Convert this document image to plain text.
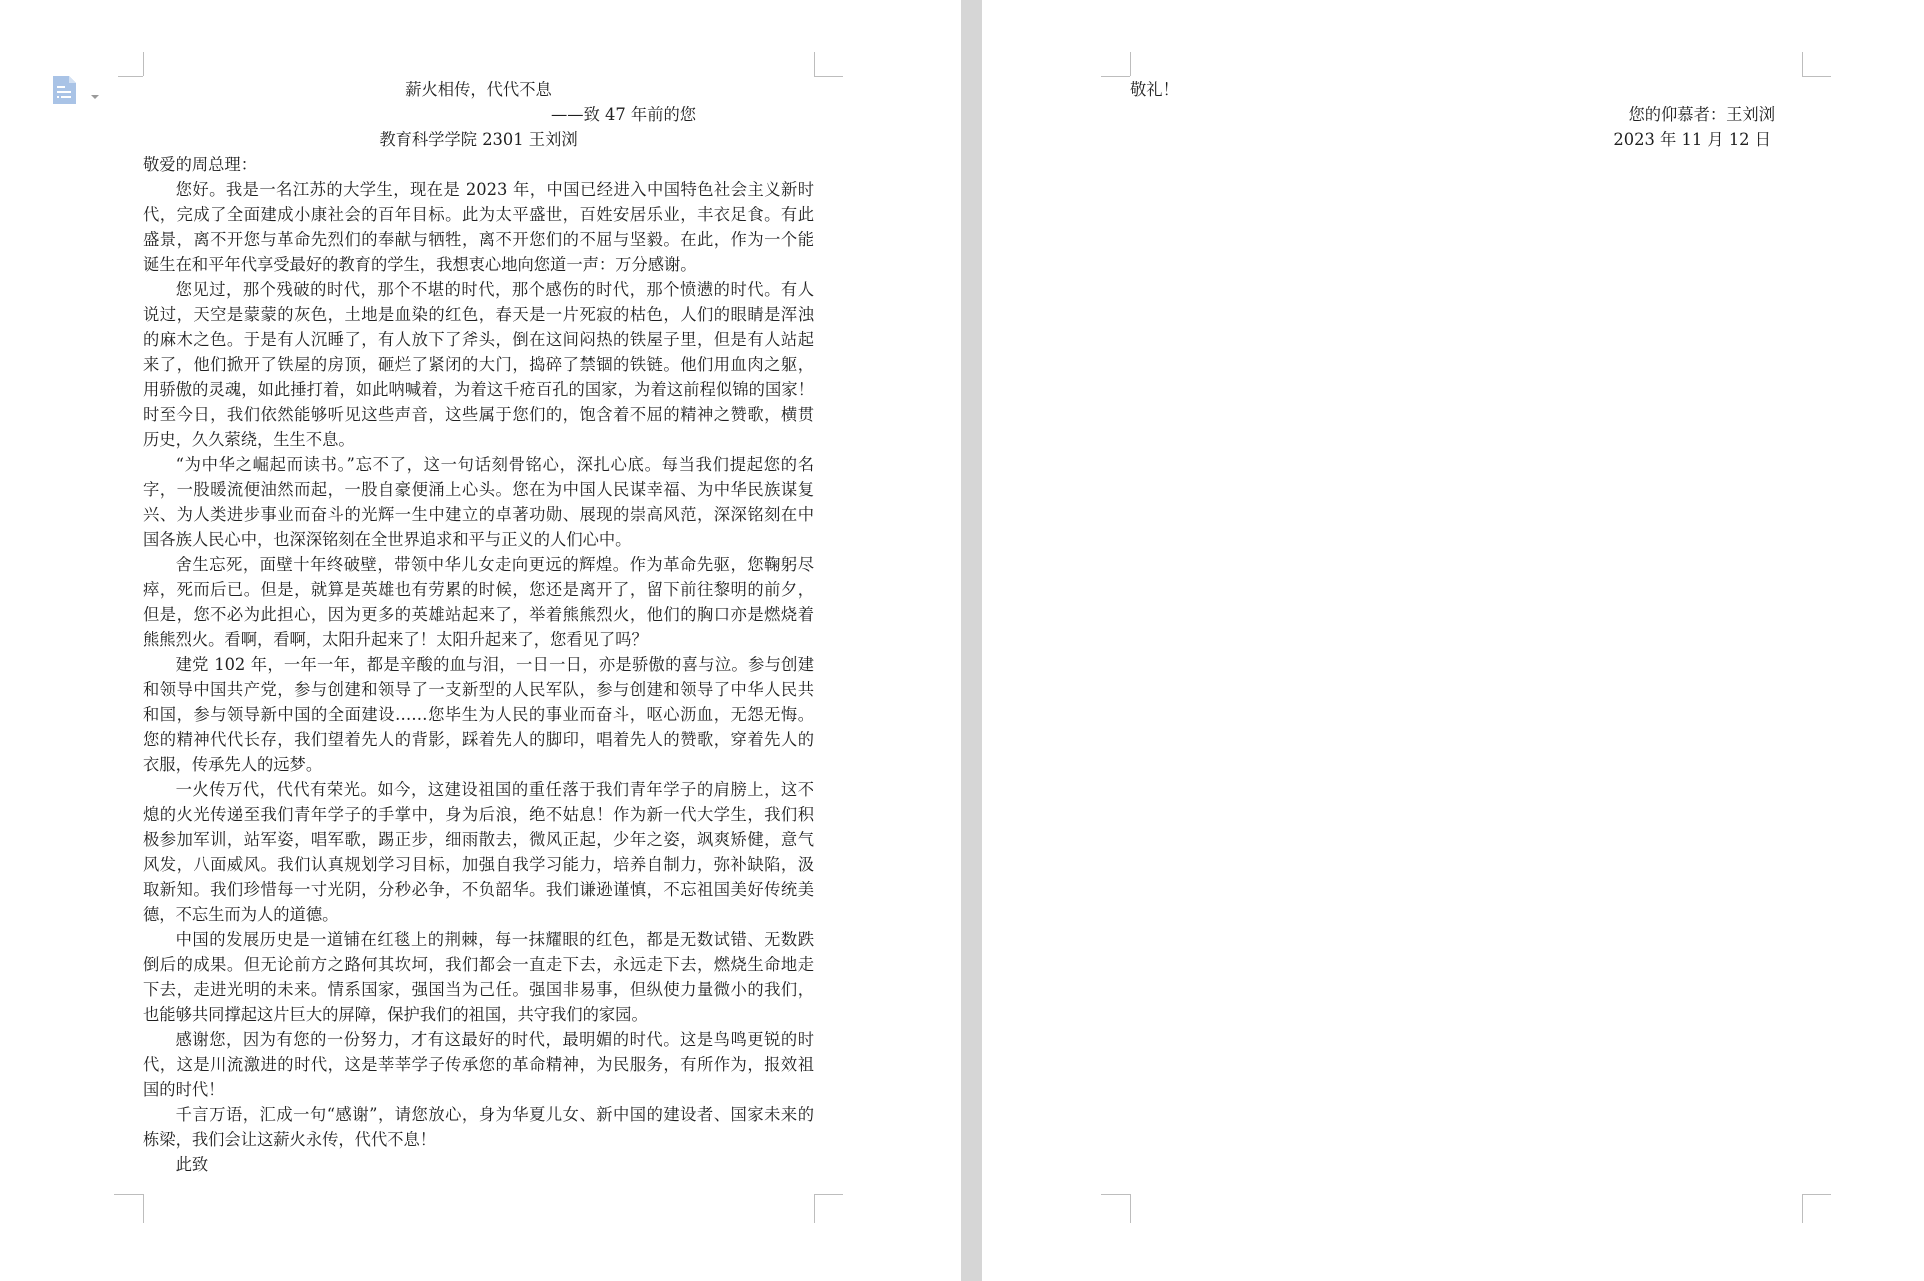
薪火相传，代代不息
——致 47 年前的您
教育科学学院 2301 王刘浏
敬爱的周总理：
您好。我是一名江苏的大学生，现在是 2023 年，中国已经进入中国特色社会主义新时
代，完成了全面建成小康社会的百年目标。此为太平盛世，百姓安居乐业，丰衣足食。有此
盛景，离不开您与革命先烈们的奉献与牺牲，离不开您们的不屈与坚毅。在此，作为一个能
诞生在和平年代享受最好的教育的学生，我想衷心地向您道一声：万分感谢。
您见过，那个残破的时代，那个不堪的时代，那个感伤的时代，那个愤懑的时代。有人
说过，天空是蒙蒙的灰色，土地是血染的红色，春天是一片死寂的枯色，人们的眼睛是浑浊
的麻木之色。于是有人沉睡了，有人放下了斧头，倒在这间闷热的铁屋子里，但是有人站起
来了，他们掀开了铁屋的房顶，砸烂了紧闭的大门，捣碎了禁锢的铁链。他们用血肉之躯，
用骄傲的灵魂，如此捶打着，如此呐喊着，为着这千疮百孔的国家，为着这前程似锦的国家！
时至今日，我们依然能够听见这些声音，这些属于您们的，饱含着不屈的精神之赞歌，横贯
历史，久久萦绕，生生不息。
“为中华之崛起而读书。”忘不了，这一句话刻骨铭心，深扎心底。每当我们提起您的名
字，一股暖流便油然而起，一股自豪便涌上心头。您在为中国人民谋幸福、为中华民族谋复
兴、为人类进步事业而奋斗的光辉一生中建立的卓著功勋、展现的崇高风范，深深铭刻在中
国各族人民心中，也深深铭刻在全世界追求和平与正义的人们心中。
舍生忘死，面壁十年终破壁，带领中华儿女走向更远的辉煌。作为革命先驱，您鞠躬尽
瘁，死而后已。但是，就算是英雄也有劳累的时候，您还是离开了，留下前往黎明的前夕，
但是，您不必为此担心，因为更多的英雄站起来了，举着熊熊烈火，他们的胸口亦是燃烧着
熊熊烈火。看啊，看啊，太阳升起来了！太阳升起来了，您看见了吗？
建党 102 年，一年一年，都是辛酸的血与泪，一日一日，亦是骄傲的喜与泣。参与创建
和领导中国共产党，参与创建和领导了一支新型的人民军队，参与创建和领导了中华人民共
和国，参与领导新中国的全面建设……您毕生为人民的事业而奋斗，呕心沥血，无怨无悔。
您的精神代代长存，我们望着先人的背影，踩着先人的脚印，唱着先人的赞歌，穿着先人的
衣服，传承先人的远梦。
一火传万代，代代有荣光。如今，这建设祖国的重任落于我们青年学子的肩膀上，这不
熄的火光传递至我们青年学子的手掌中，身为后浪，绝不姑息！作为新一代大学生，我们积
极参加军训，站军姿，唱军歌，踢正步，细雨散去，微风正起，少年之姿，飒爽矫健，意气
风发，八面威风。我们认真规划学习目标，加强自我学习能力，培养自制力，弥补缺陷，汲
取新知。我们珍惜每一寸光阴，分秒必争，不负韶华。我们谦逊谨慎，不忘祖国美好传统美
德，不忘生而为人的道德。
中国的发展历史是一道铺在红毯上的荆棘，每一抹耀眼的红色，都是无数试错、无数跌
倒后的成果。但无论前方之路何其坎坷，我们都会一直走下去，永远走下去，燃烧生命地走
下去，走进光明的未来。情系国家，强国当为己任。强国非易事，但纵使力量微小的我们，
也能够共同撑起这片巨大的屏障，保护我们的祖国，共守我们的家园。
感谢您，因为有您的一份努力，才有这最好的时代，最明媚的时代。这是鸟鸣更锐的时
代，这是川流激进的时代，这是莘莘学子传承您的革命精神，为民服务，有所作为，报效祖
国的时代！
千言万语，汇成一句“感谢”，请您放心，身为华夏儿女、新中国的建设者、国家未来的
栋梁，我们会让这薪火永传，代代不息！
此致
敬礼！
您的仰慕者：王刘浏
2023 年 11 月 12 日
